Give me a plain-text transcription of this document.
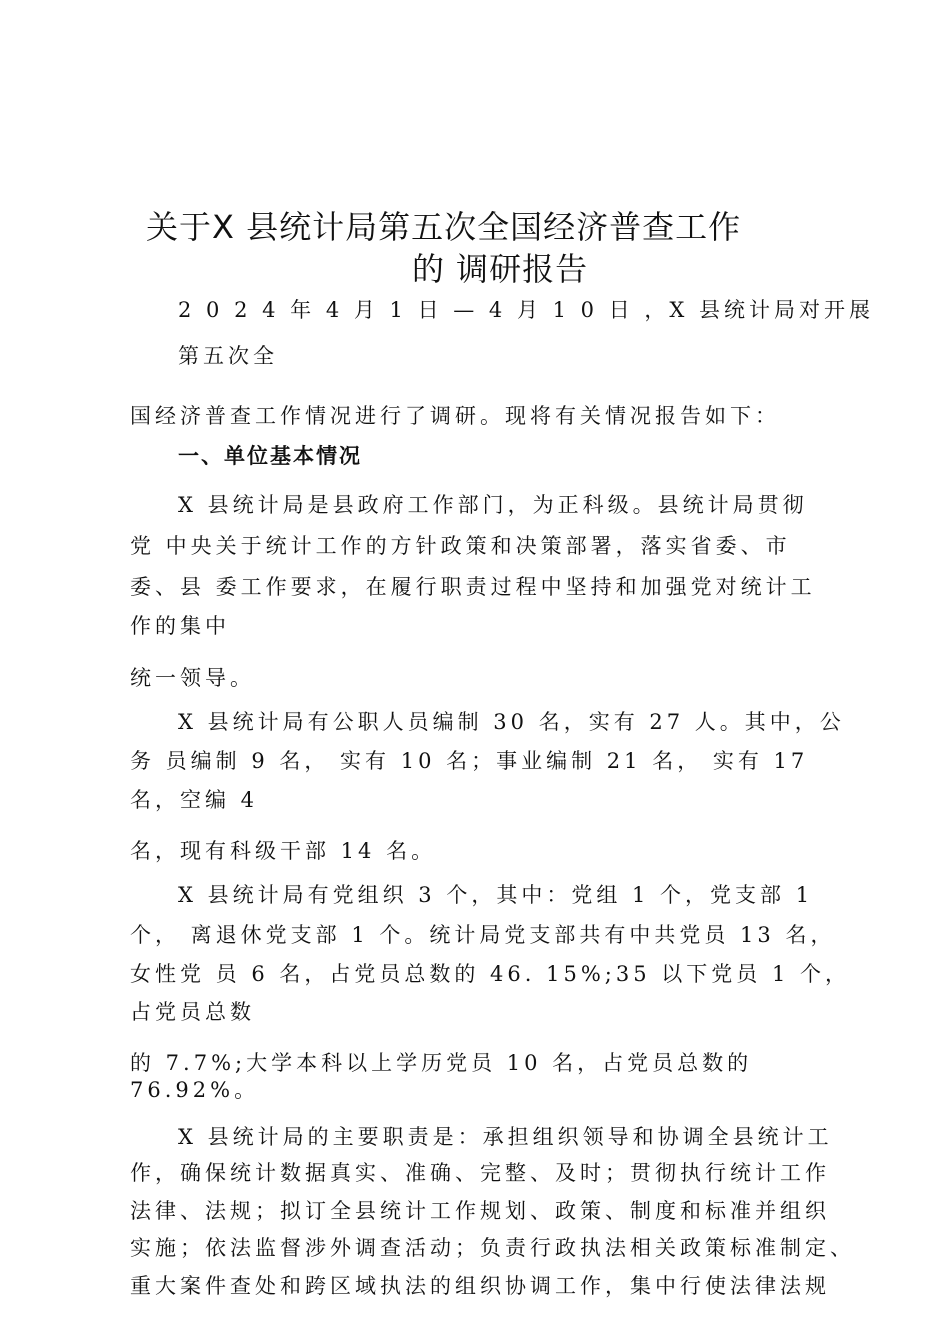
关于X 县统计局第五次全国经济普查工作
的 调研报告
2 0 2 4 年 4 月 1 日 — 4 月 1 0 日 ，X 县统计局对开展
第五次全
国经济普查工作情况进行了调研。现将有关情况报告如下：
一、单位基本情况
X 县统计局是县政府工作部门，为正科级。县统计局贯彻
党 中央关于统计工作的方针政策和决策部署，落实省委、市
委、县 委工作要求，在履行职责过程中坚持和加强党对统计工
作的集中
统一领导。
X 县统计局有公职人员编制 30 名，实有 27 人。其中，公
务 员编制 9 名， 实有 10 名；事业编制 21 名， 实有 17
名，空编 4
名，现有科级干部 14 名。
X 县统计局有党组织 3 个，其中：党组 1 个，党支部 1
个， 离退休党支部 1 个。统计局党支部共有中共党员 13 名，
女性党 员 6 名，占党员总数的 46. 15%;35 以下党员 1 个，
占党员总数
的 7.7%;大学本科以上学历党员 10 名，占党员总数的
76.92%。
X 县统计局的主要职责是：承担组织领导和协调全县统计工
作，确保统计数据真实、准确、完整、及时；贯彻执行统计工作
法律、法规；拟订全县统计工作规划、政策、制度和标准并组织
实施；依法监督涉外调查活动；负责行政执法相关政策标准制定、
重大案件查处和跨区域执法的组织协调工作，集中行使法律法规
